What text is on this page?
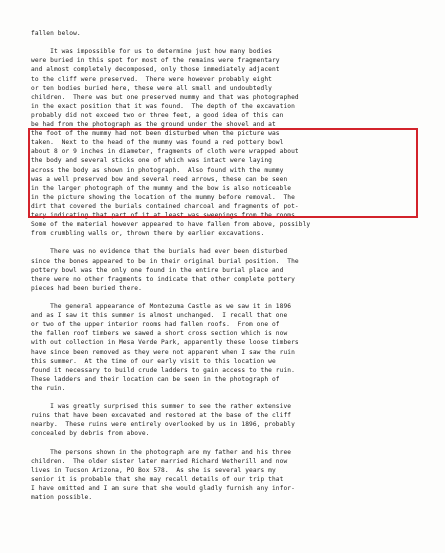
fallen below.
It was impossible for us to determine just how many bodies
were buried in this spot for most of the remains were fragmentary
and almost completely decomposed, only those immediately adjacent
to the cliff were preserved.  There were however probably eight
or ten bodies buried here, these were all small and undoubtedly
children.  There was but one preserved mummy and that was photographed
in the exact position that it was found.  The depth of the excavation
probably did not exceed two or three feet, a good idea of this can
be had from the photograph as the ground under the shovel and at
the foot of the mummy had not been disturbed when the picture was
taken.  Next to the head of the mummy was found a red pottery bowl
about 8 or 9 inches in diameter, fragments of cloth were wrapped about
the body and several sticks one of which was intact were laying
across the body as shown in photograph.  Also found with the mummy
was a well preserved bow and several reed arrows, these can be seen
in the larger photograph of the mummy and the bow is also noticeable
in the picture showing the location of the mummy before removal.  The
dirt that covered the burials contained charcoal and fragments of pot-
tery indicating that part of it at least was sweepings from the rooms.
Some of the material however appeared to have fallen from above, possibly
from crumbling walls or, thrown there by earlier excavations.
There was no evidence that the burials had ever been disturbed
since the bones appeared to be in their original burial position.  The
pottery bowl was the only one found in the entire burial place and
there were no other fragments to indicate that other complete pottery
pieces had been buried there.
The general appearance of Montezuma Castle as we saw it in 1896
and as I saw it this summer is almost unchanged.  I recall that one
or two of the upper interior rooms had fallen roofs.  From one of
the fallen roof timbers we sawed a short cross section which is now
with out collection in Mesa Verde Park, apparently these loose timbers
have since been removed as they were not apparent when I saw the ruin
this summer.  At the time of our early visit to this location we
found it necessary to build crude ladders to gain access to the ruin.
These ladders and their location can be seen in the photograph of
the ruin.
I was greatly surprised this summer to see the rather extensive
ruins that have been excavated and restored at the base of the cliff
nearby.  These ruins were entirely overlooked by us in 1896, probably
concealed by debris from above.
The persons shown in the photograph are my father and his three
children.  The older sister later married Richard Wetherill and now
lives in Tucson Arizona, PO Box 578.  As she is several years my
senior it is probable that she may recall details of our trip that
I have omitted and I am sure that she would gladly furnish any infor-
mation possible.
